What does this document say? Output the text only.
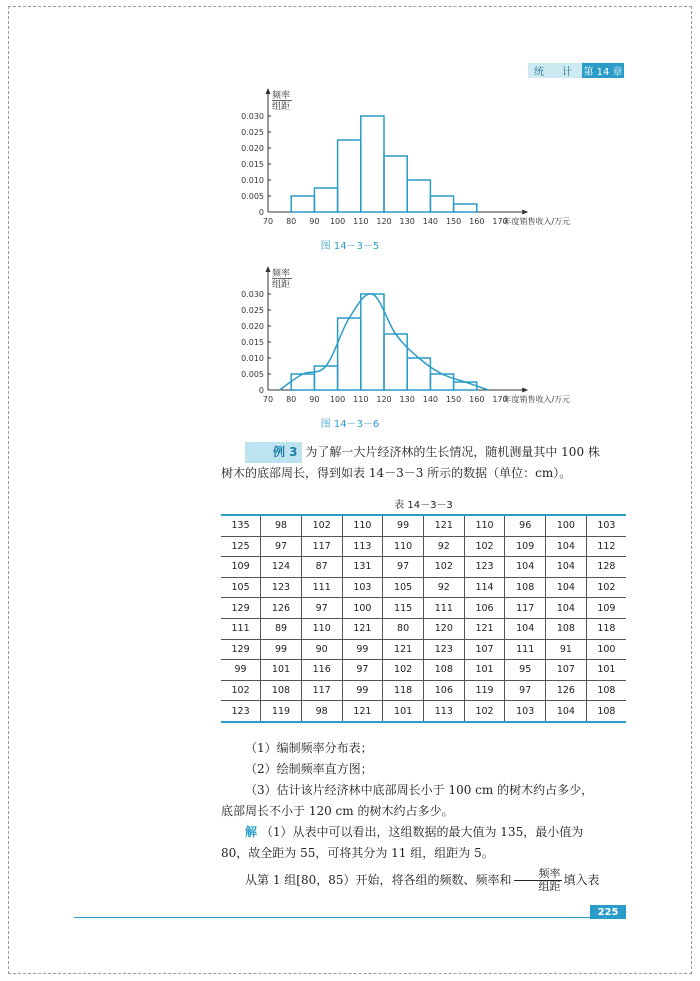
统　计 第 14 章
频率
组距
0
0.005
0.010
0.015
0.020
0.025
0.030
70 80 90 100 110 120 130 140 150 160 170
年度销售收入/万元
图 14－3－5
频率
组距
0
0.005
0.010
0.015
0.020
0.025
0.030
70 80 90 100 110 120 130 140 150 160 170
年度销售收入/万元
图 14－3－6
例 3 为了解一大片经济林的生长情况，随机测量其中 100 株
树木的底部周长，得到如表 14－3－3 所示的数据（单位：cm）。
表 14－3－3
135	98	102	110	99	121	110	96	100	103
125	97	117	113	110	92	102	109	104	112
109	124	87	131	97	102	123	104	104	128
105	123	111	103	105	92	114	108	104	102
129	126	97	100	115	111	106	117	104	109
111	89	110	121	80	120	121	104	108	118
129	99	90	99	121	123	107	111	91	100
99	101	116	97	102	108	101	95	107	101
102	108	117	99	118	106	119	97	126	108
123	119	98	121	101	113	102	103	104	108
（1）编制频率分布表；
（2）绘制频率直方图；
（3）估计该片经济林中底部周长小于 100 cm 的树木约占多少，
底部周长不小于 120 cm 的树木约占多少。
解 （1）从表中可以看出，这组数据的最大值为 135，最小值为
80，故全距为 55，可将其分为 11 组，组距为 5。
从第 1 组[80，85）开始，将各组的频数、频率和 $\frac{\text{频率}}{\text{组距}}$ 填入表
225
